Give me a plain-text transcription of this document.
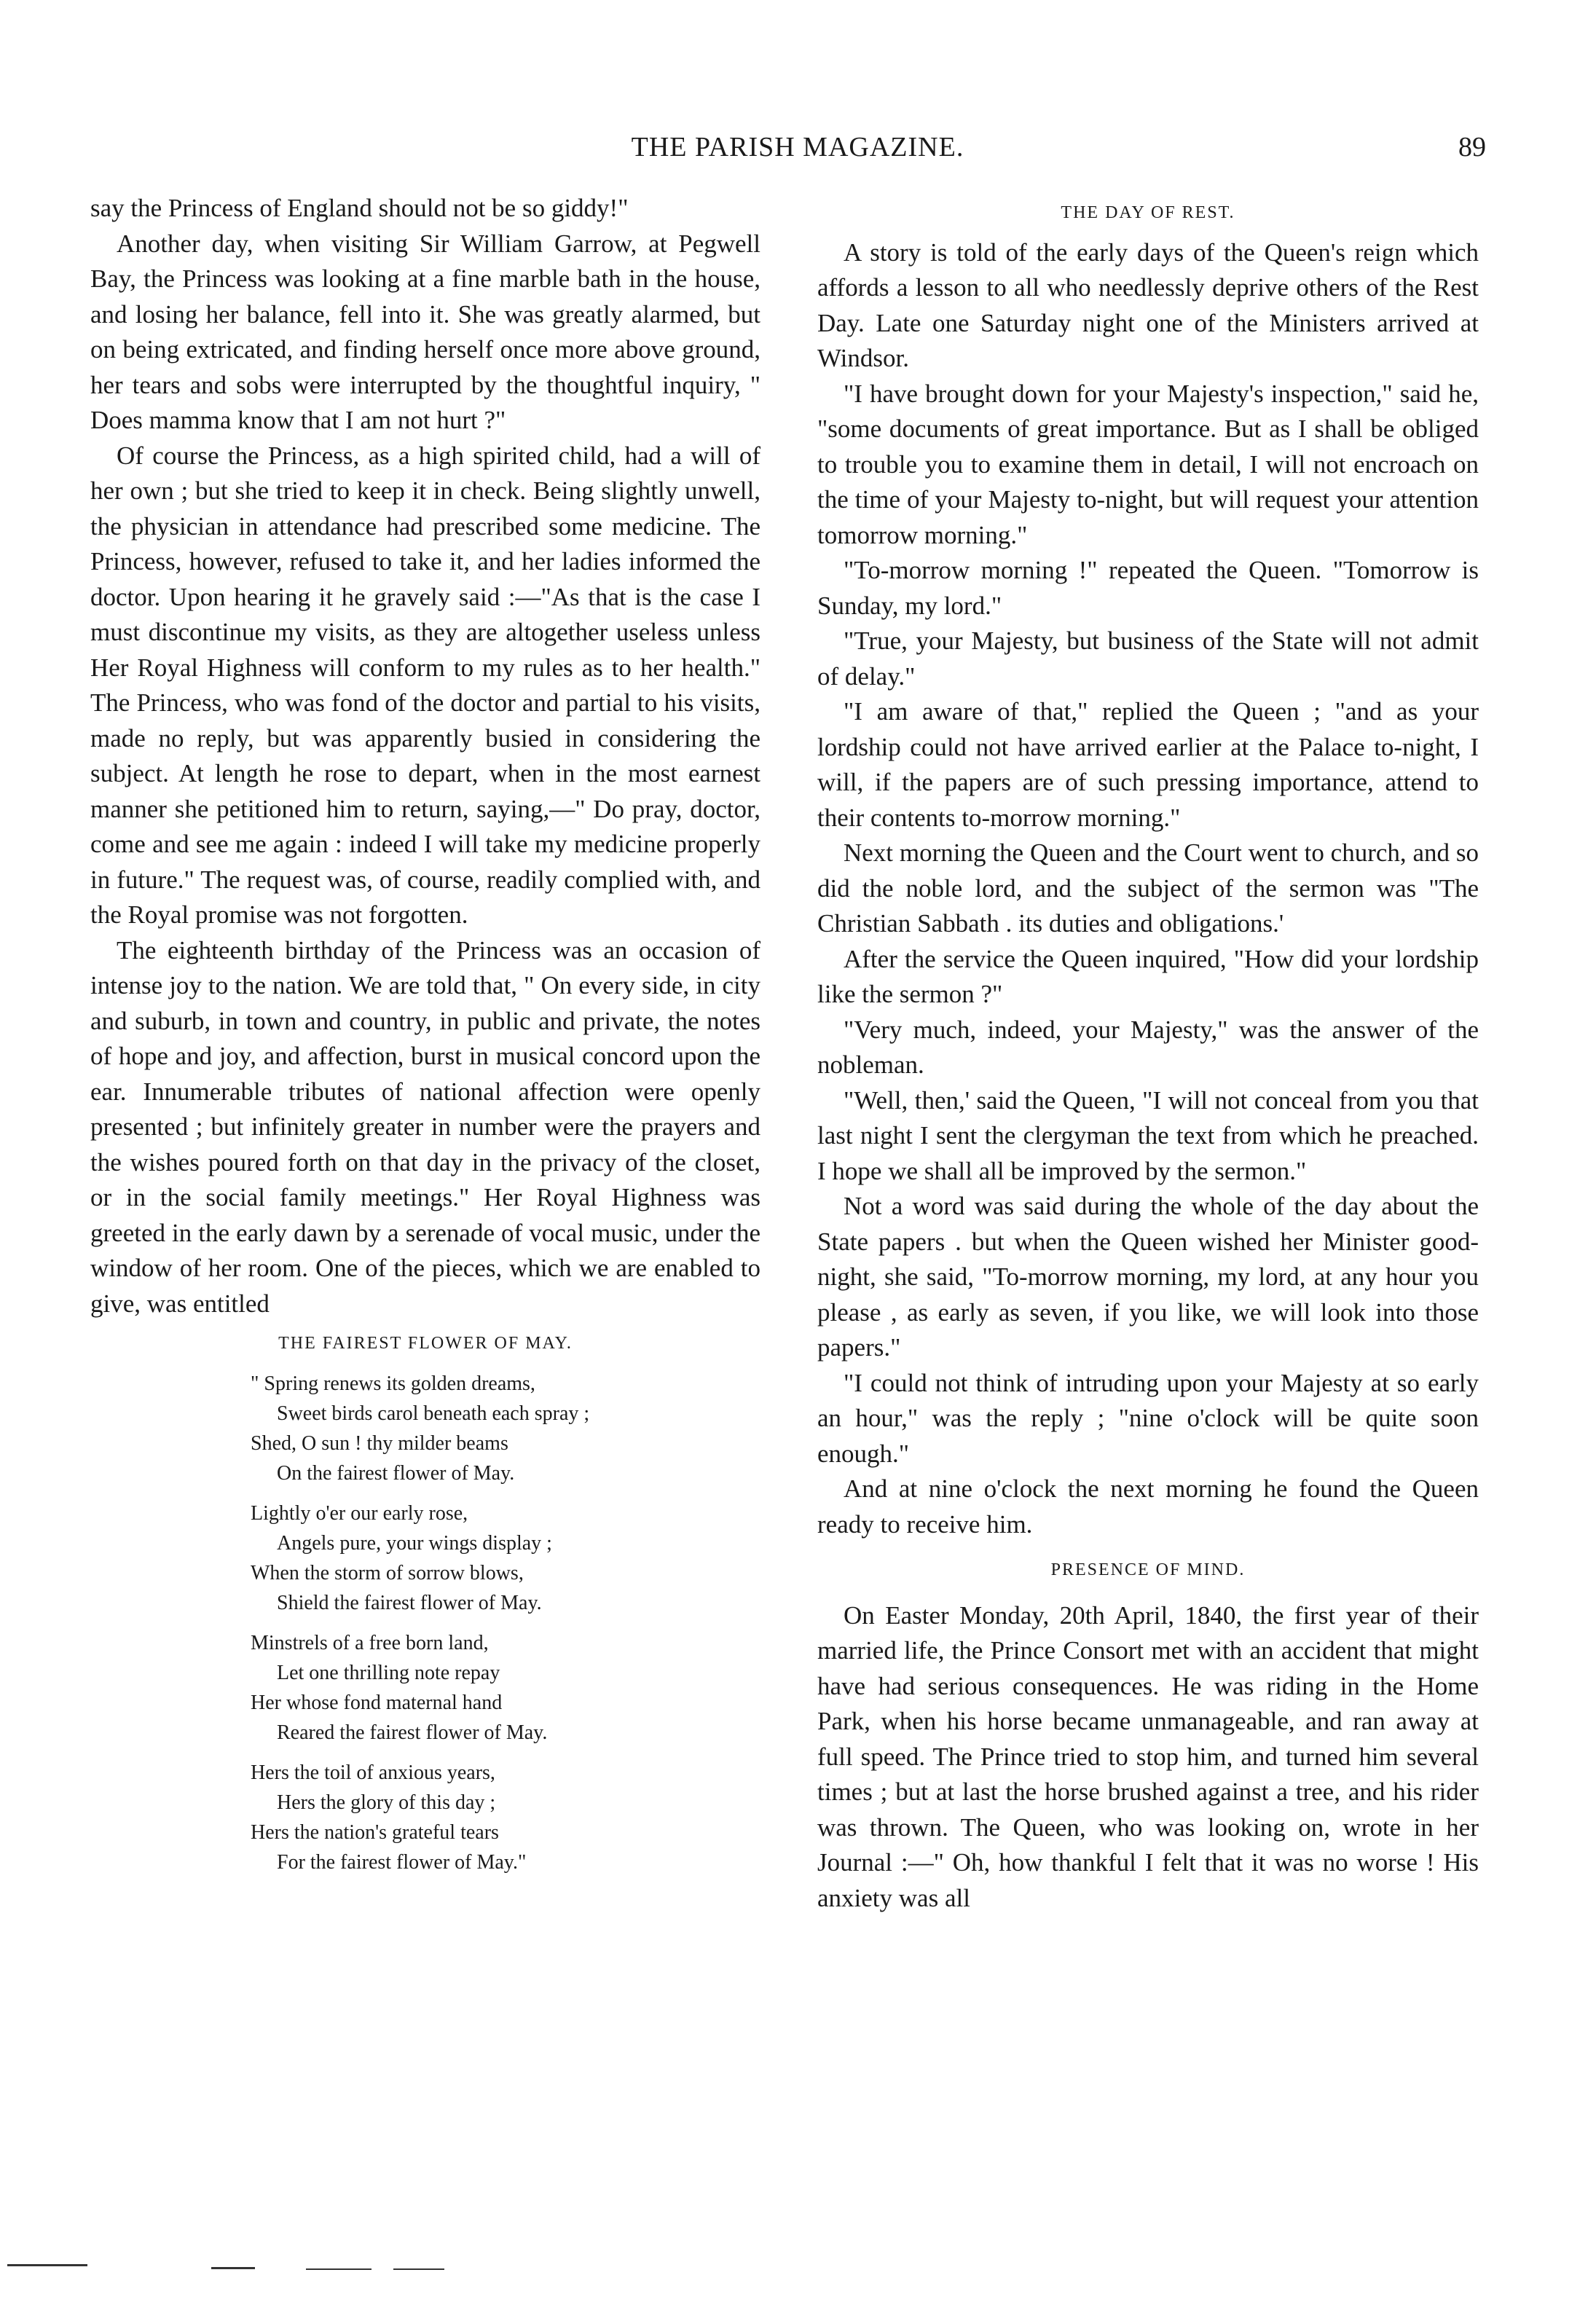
THE PARISH MAGAZINE.	89

say the Princess of England should not be so giddy!"

Another day, when visiting Sir William Garrow, at Pegwell Bay, the Princess was looking at a fine marble bath in the house, and losing her balance, fell into it. She was greatly alarmed, but on being extricated, and finding herself once more above ground, her tears and sobs were interrupted by the thoughtful inquiry, " Does mamma know that I am not hurt ?"

Of course the Princess, as a high spirited child, had a will of her own ; but she tried to keep it in check. Being slightly unwell, the physician in attendance had prescribed some medicine. The Princess, however, refused to take it, and her ladies informed the doctor. Upon hearing it he gravely said :—"As that is the case I must discontinue my visits, as they are altogether useless unless Her Royal Highness will conform to my rules as to her health." The Princess, who was fond of the doctor and partial to his visits, made no reply, but was apparently busied in considering the subject. At length he rose to depart, when in the most earnest manner she petitioned him to return, saying,—" Do pray, doctor, come and see me again : indeed I will take my medicine properly in future." The request was, of course, readily complied with, and the Royal promise was not forgotten.

The eighteenth birthday of the Princess was an occasion of intense joy to the nation. We are told that, " On every side, in city and suburb, in town and country, in public and private, the notes of hope and joy, and affection, burst in musical concord upon the ear. Innumerable tributes of national affection were openly presented ; but infinitely greater in number were the prayers and the wishes poured forth on that day in the privacy of the closet, or in the social family meetings." Her Royal Highness was greeted in the early dawn by a serenade of vocal music, under the window of her room. One of the pieces, which we are enabled to give, was entitled

THE FAIREST FLOWER OF MAY.
" Spring renews its golden dreams,
Sweet birds carol beneath each spray ;
Shed, O sun ! thy milder beams
On the fairest flower of May.
Lightly o'er our early rose,
Angels pure, your wings display ;
When the storm of sorrow blows,
Shield the fairest flower of May.
Minstrels of a free born land,
Let one thrilling note repay
Her whose fond maternal hand
Reared the fairest flower of May.
Hers the toil of anxious years,
Hers the glory of this day ;
Hers the nation's grateful tears
For the fairest flower of May."
THE DAY OF REST.

A story is told of the early days of the Queen's reign which affords a lesson to all who needlessly deprive others of the Rest Day. Late one Saturday night one of the Ministers arrived at Windsor.

"I have brought down for your Majesty's inspection," said he, "some documents of great importance. But as I shall be obliged to trouble you to examine them in detail, I will not encroach on the time of your Majesty to-night, but will request your attention tomorrow morning."

"To-morrow morning !" repeated the Queen. "Tomorrow is Sunday, my lord."

"True, your Majesty, but business of the State will not admit of delay."

"I am aware of that," replied the Queen ; "and as your lordship could not have arrived earlier at the Palace to-night, I will, if the papers are of such pressing importance, attend to their contents to-morrow morning."

Next morning the Queen and the Court went to church, and so did the noble lord, and the subject of the sermon was "The Christian Sabbath . its duties and obligations.'

After the service the Queen inquired, "How did your lordship like the sermon ?"

"Very much, indeed, your Majesty," was the answer of the nobleman.

"Well, then,' said the Queen, "I will not conceal from you that last night I sent the clergyman the text from which he preached. I hope we shall all be improved by the sermon."

Not a word was said during the whole of the day about the State papers . but when the Queen wished her Minister good-night, she said, "To-morrow morning, my lord, at any hour you please , as early as seven, if you like, we will look into those papers."

"I could not think of intruding upon your Majesty at so early an hour," was the reply ; "nine o'clock will be quite soon enough."

And at nine o'clock the next morning he found the Queen ready to receive him.

PRESENCE OF MIND.

On Easter Monday, 20th April, 1840, the first year of their married life, the Prince Consort met with an accident that might have had serious consequences. He was riding in the Home Park, when his horse became unmanageable, and ran away at full speed. The Prince tried to stop him, and turned him several times ; but at last the horse brushed against a tree, and his rider was thrown. The Queen, who was looking on, wrote in her Journal :—" Oh, how thankful I felt that it was no worse ! His anxiety was all
